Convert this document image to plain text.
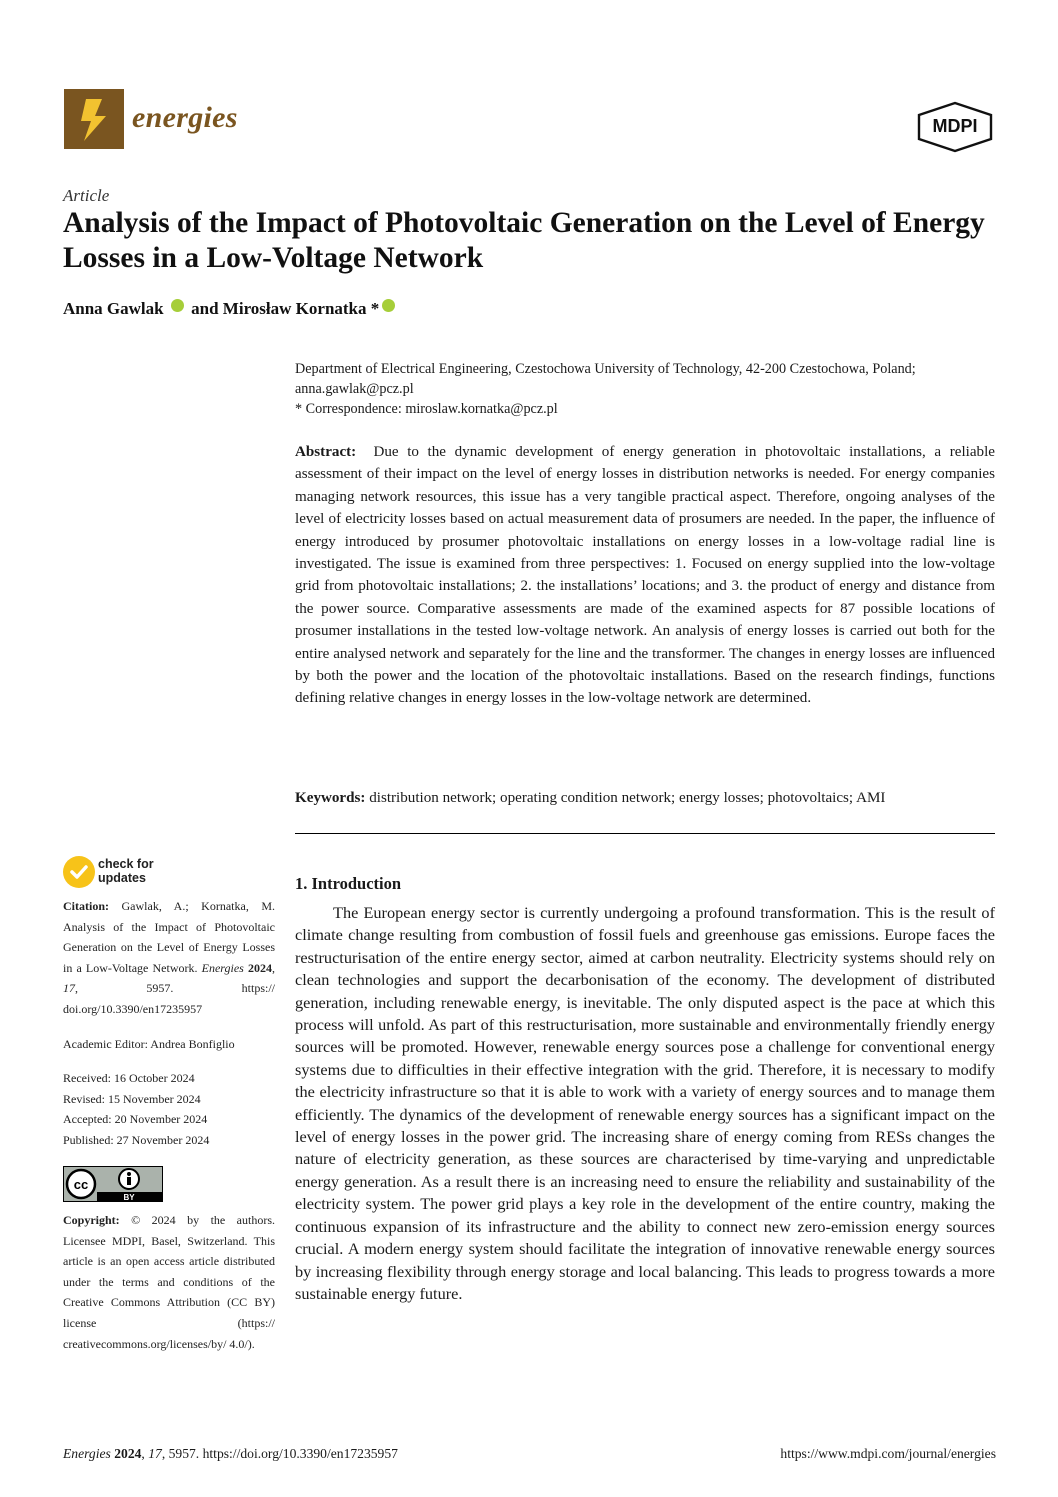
energies	MDPI
Article
Analysis of the Impact of Photovoltaic Generation on the Level of Energy Losses in a Low-Voltage Network
Anna Gawlak and Mirosław Kornatka *
Department of Electrical Engineering, Czestochowa University of Technology, 42-200 Czestochowa, Poland;
anna.gawlak@pcz.pl
* Correspondence: miroslaw.kornatka@pcz.pl
Abstract: Due to the dynamic development of energy generation in photovoltaic installations, a reliable assessment of their impact on the level of energy losses in distribution networks is needed. For energy companies managing network resources, this issue has a very tangible practical aspect. Therefore, ongoing analyses of the level of electricity losses based on actual measurement data of prosumers are needed. In the paper, the influence of energy introduced by prosumer photovoltaic installations on energy losses in a low-voltage radial line is investigated. The issue is examined from three perspectives: 1. Focused on energy supplied into the low-voltage grid from photovoltaic installations; 2. the installations’ locations; and 3. the product of energy and distance from the power source. Comparative assessments are made of the examined aspects for 87 possible locations of prosumer installations in the tested low-voltage network. An analysis of energy losses is carried out both for the entire analysed network and separately for the line and the transformer. The changes in energy losses are influenced by both the power and the location of the photovoltaic installations. Based on the research findings, functions defining relative changes in energy losses in the low-voltage network are determined.
Keywords: distribution network; operating condition network; energy losses; photovoltaics; AMI
check for
updates
Citation: Gawlak, A.; Kornatka, M. Analysis of the Impact of Photovoltaic Generation on the Level of Energy Losses in a Low-Voltage Network. Energies 2024, 17, 5957. https:// doi.org/10.3390/en17235957
Academic Editor: Andrea Bonfiglio
Received: 16 October 2024
Revised: 15 November 2024
Accepted: 20 November 2024
Published: 27 November 2024
cc
BY
Copyright: © 2024 by the authors. Licensee MDPI, Basel, Switzerland. This article is an open access article distributed under the terms and conditions of the Creative Commons Attribution (CC BY) license (https:// creativecommons.org/licenses/by/ 4.0/).
1. Introduction
The European energy sector is currently undergoing a profound transformation. This is the result of climate change resulting from combustion of fossil fuels and greenhouse gas emissions. Europe faces the restructurisation of the entire energy sector, aimed at carbon neutrality. Electricity systems should rely on clean technologies and support the decarbonisation of the economy. The development of distributed generation, including renewable energy, is inevitable. The only disputed aspect is the pace at which this process will unfold. As part of this restructurisation, more sustainable and environmentally friendly energy sources will be promoted. However, renewable energy sources pose a challenge for conventional energy systems due to difficulties in their effective integration with the grid. Therefore, it is necessary to modify the electricity infrastructure so that it is able to work with a variety of energy sources and to manage them efficiently. The dynamics of the development of renewable energy sources has a significant impact on the level of energy losses in the power grid. The increasing share of energy coming from RESs changes the nature of electricity generation, as these sources are characterised by time-varying and unpredictable energy generation. As a result there is an increasing need to ensure the reliability and sustainability of the electricity system. The power grid plays a key role in the development of the entire country, making the continuous expansion of its infrastructure and the ability to connect new zero-emission energy sources crucial. A modern energy system should facilitate the integration of innovative renewable energy sources by increasing flexibility through energy storage and local balancing. This leads to progress towards a more sustainable energy future.
Energies 2024, 17, 5957. https://doi.org/10.3390/en17235957	https://www.mdpi.com/journal/energies
